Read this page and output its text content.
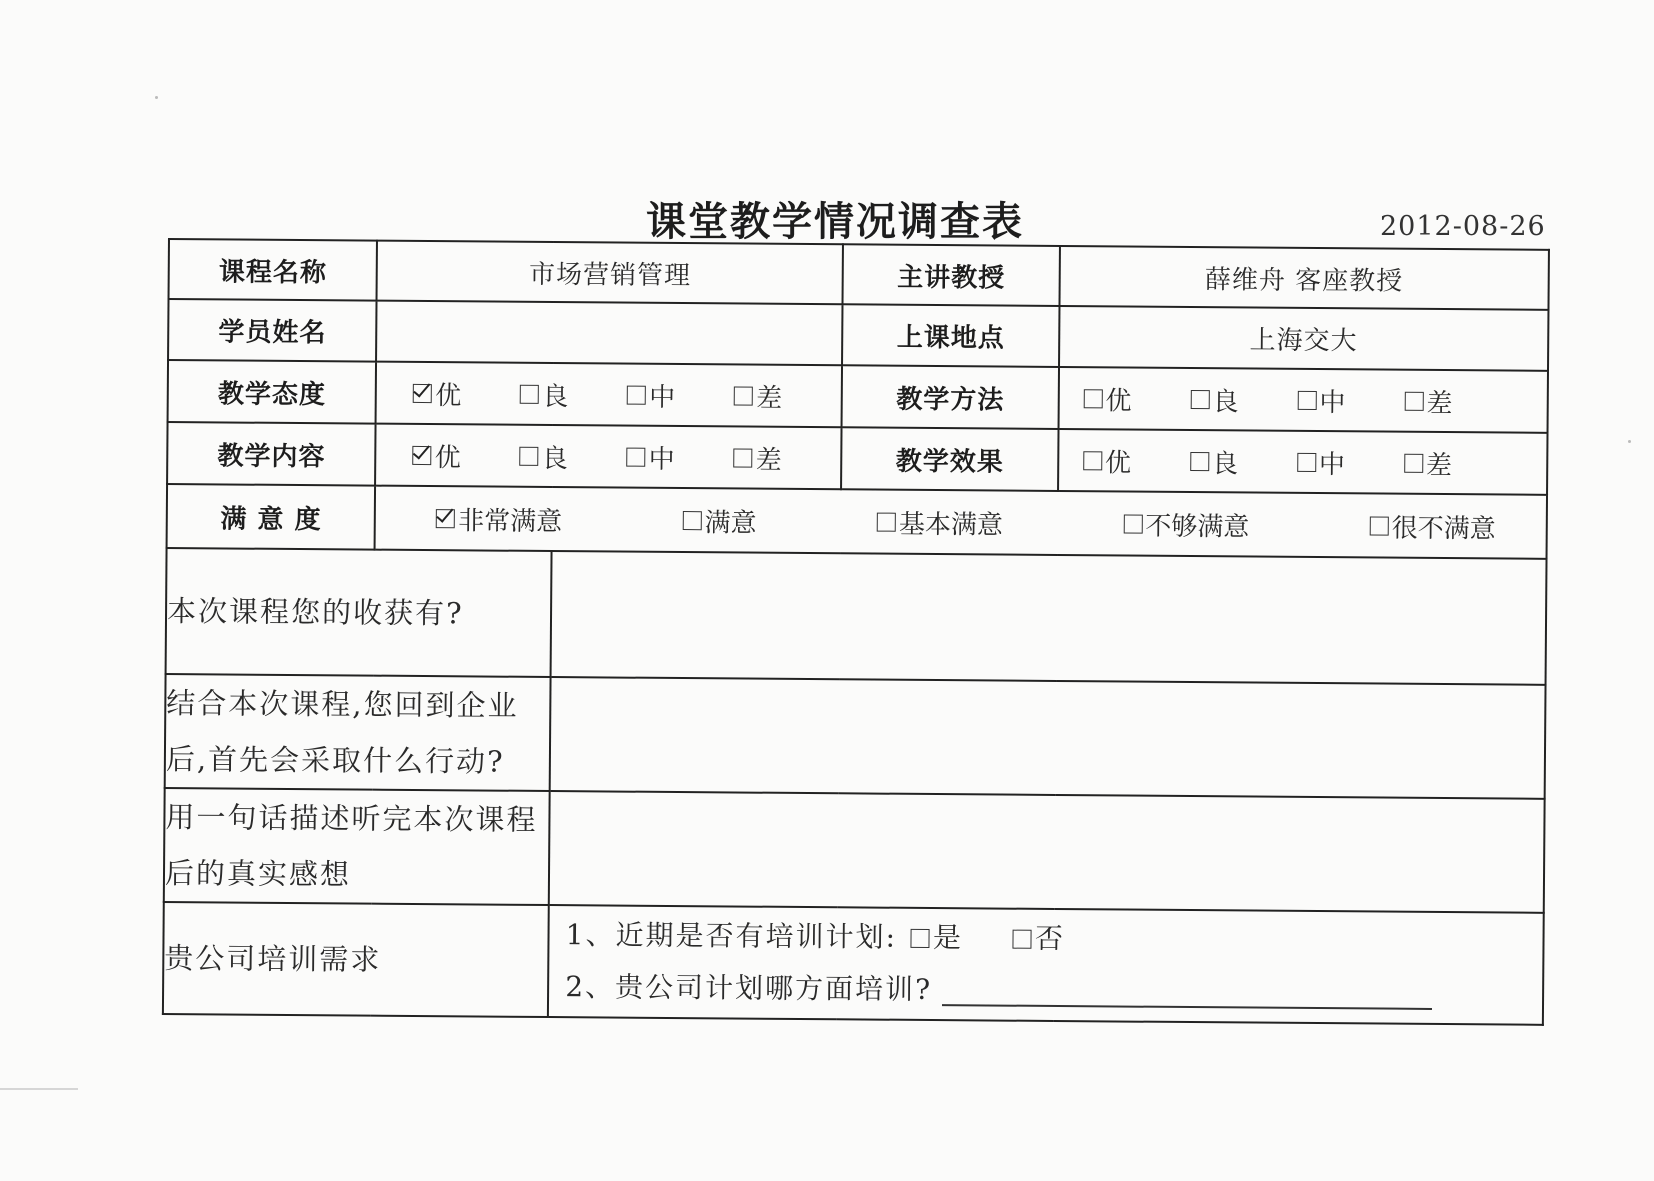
课堂教学情况调查表	2012-08-26
课程名称	市场营销管理		主讲教授	薛维舟 客座教授
学员姓名			上课地点	上海交大
教学态度	优 良 中 差		教学方法	优 良 中 差

教学内容	优 良 中 差		教学效果	优 良 中 差

满 意 度	非常满意 满意 基本满意 不够满意 很不满意			

本次课程您的收获有?				
结合本次课程,您回到企业后,首先会采取什么行动?				
用一句话描述听完本次课程后的真实感想				
贵公司培训需求		1、近期是否有培训计划: 是 否
2、贵公司计划哪方面培训?		
